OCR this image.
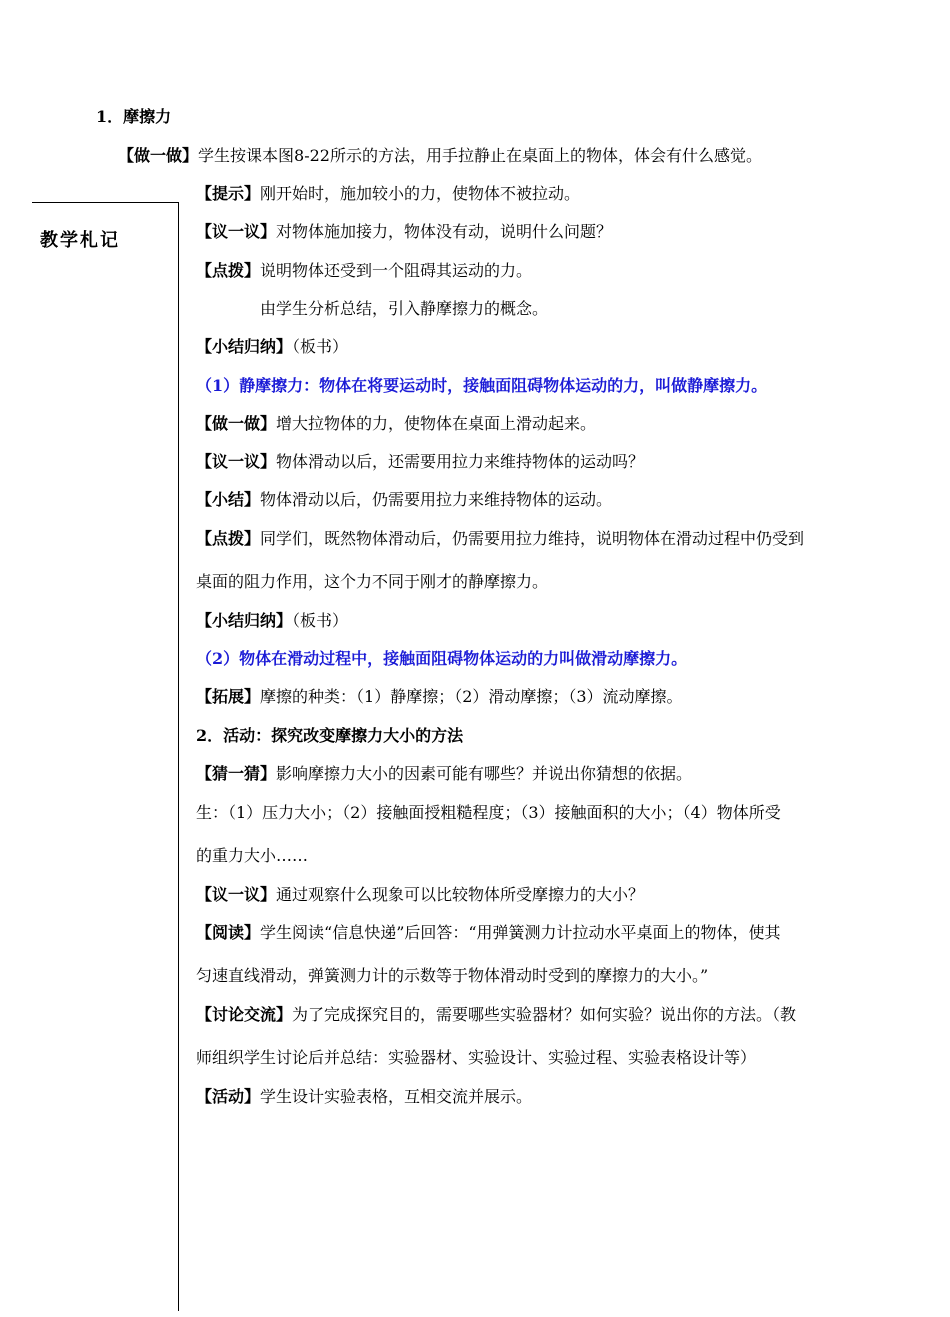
教学札记
1．摩擦力
【做一做】学生按课本图8-22所示的方法，用手拉静止在桌面上的物体，体会有什么感觉。
【提示】刚开始时，施加较小的力，使物体不被拉动。
【议一议】对物体施加接力，物体没有动，说明什么问题？
【点拨】说明物体还受到一个阻碍其运动的力。
由学生分析总结，引入静摩擦力的概念。
【小结归纳】（板书）
（1）静摩擦力：物体在将要运动时，接触面阻碍物体运动的力，叫做静摩擦力。
【做一做】增大拉物体的力，使物体在桌面上滑动起来。
【议一议】物体滑动以后，还需要用拉力来维持物体的运动吗？
【小结】物体滑动以后，仍需要用拉力来维持物体的运动。
【点拨】同学们，既然物体滑动后，仍需要用拉力维持，说明物体在滑动过程中仍受到
桌面的阻力作用，这个力不同于刚才的静摩擦力。
【小结归纳】（板书）
（2）物体在滑动过程中，接触面阻碍物体运动的力叫做滑动摩擦力。
【拓展】摩擦的种类：（1）静摩擦；（2）滑动摩擦；（3）流动摩擦。
2．活动：探究改变摩擦力大小的方法
【猜一猜】影响摩擦力大小的因素可能有哪些？并说出你猜想的依据。
生：（1）压力大小；（2）接触面授粗糙程度；（3）接触面积的大小；（4）物体所受
的重力大小……
【议一议】通过观察什么现象可以比较物体所受摩擦力的大小？
【阅读】学生阅读“信息快递”后回答：“用弹簧测力计拉动水平桌面上的物体，使其
匀速直线滑动，弹簧测力计的示数等于物体滑动时受到的摩擦力的大小。”
【讨论交流】为了完成探究目的，需要哪些实验器材？如何实验？说出你的方法。（教
师组织学生讨论后并总结：实验器材、实验设计、实验过程、实验表格设计等）
【活动】学生设计实验表格，互相交流并展示。
